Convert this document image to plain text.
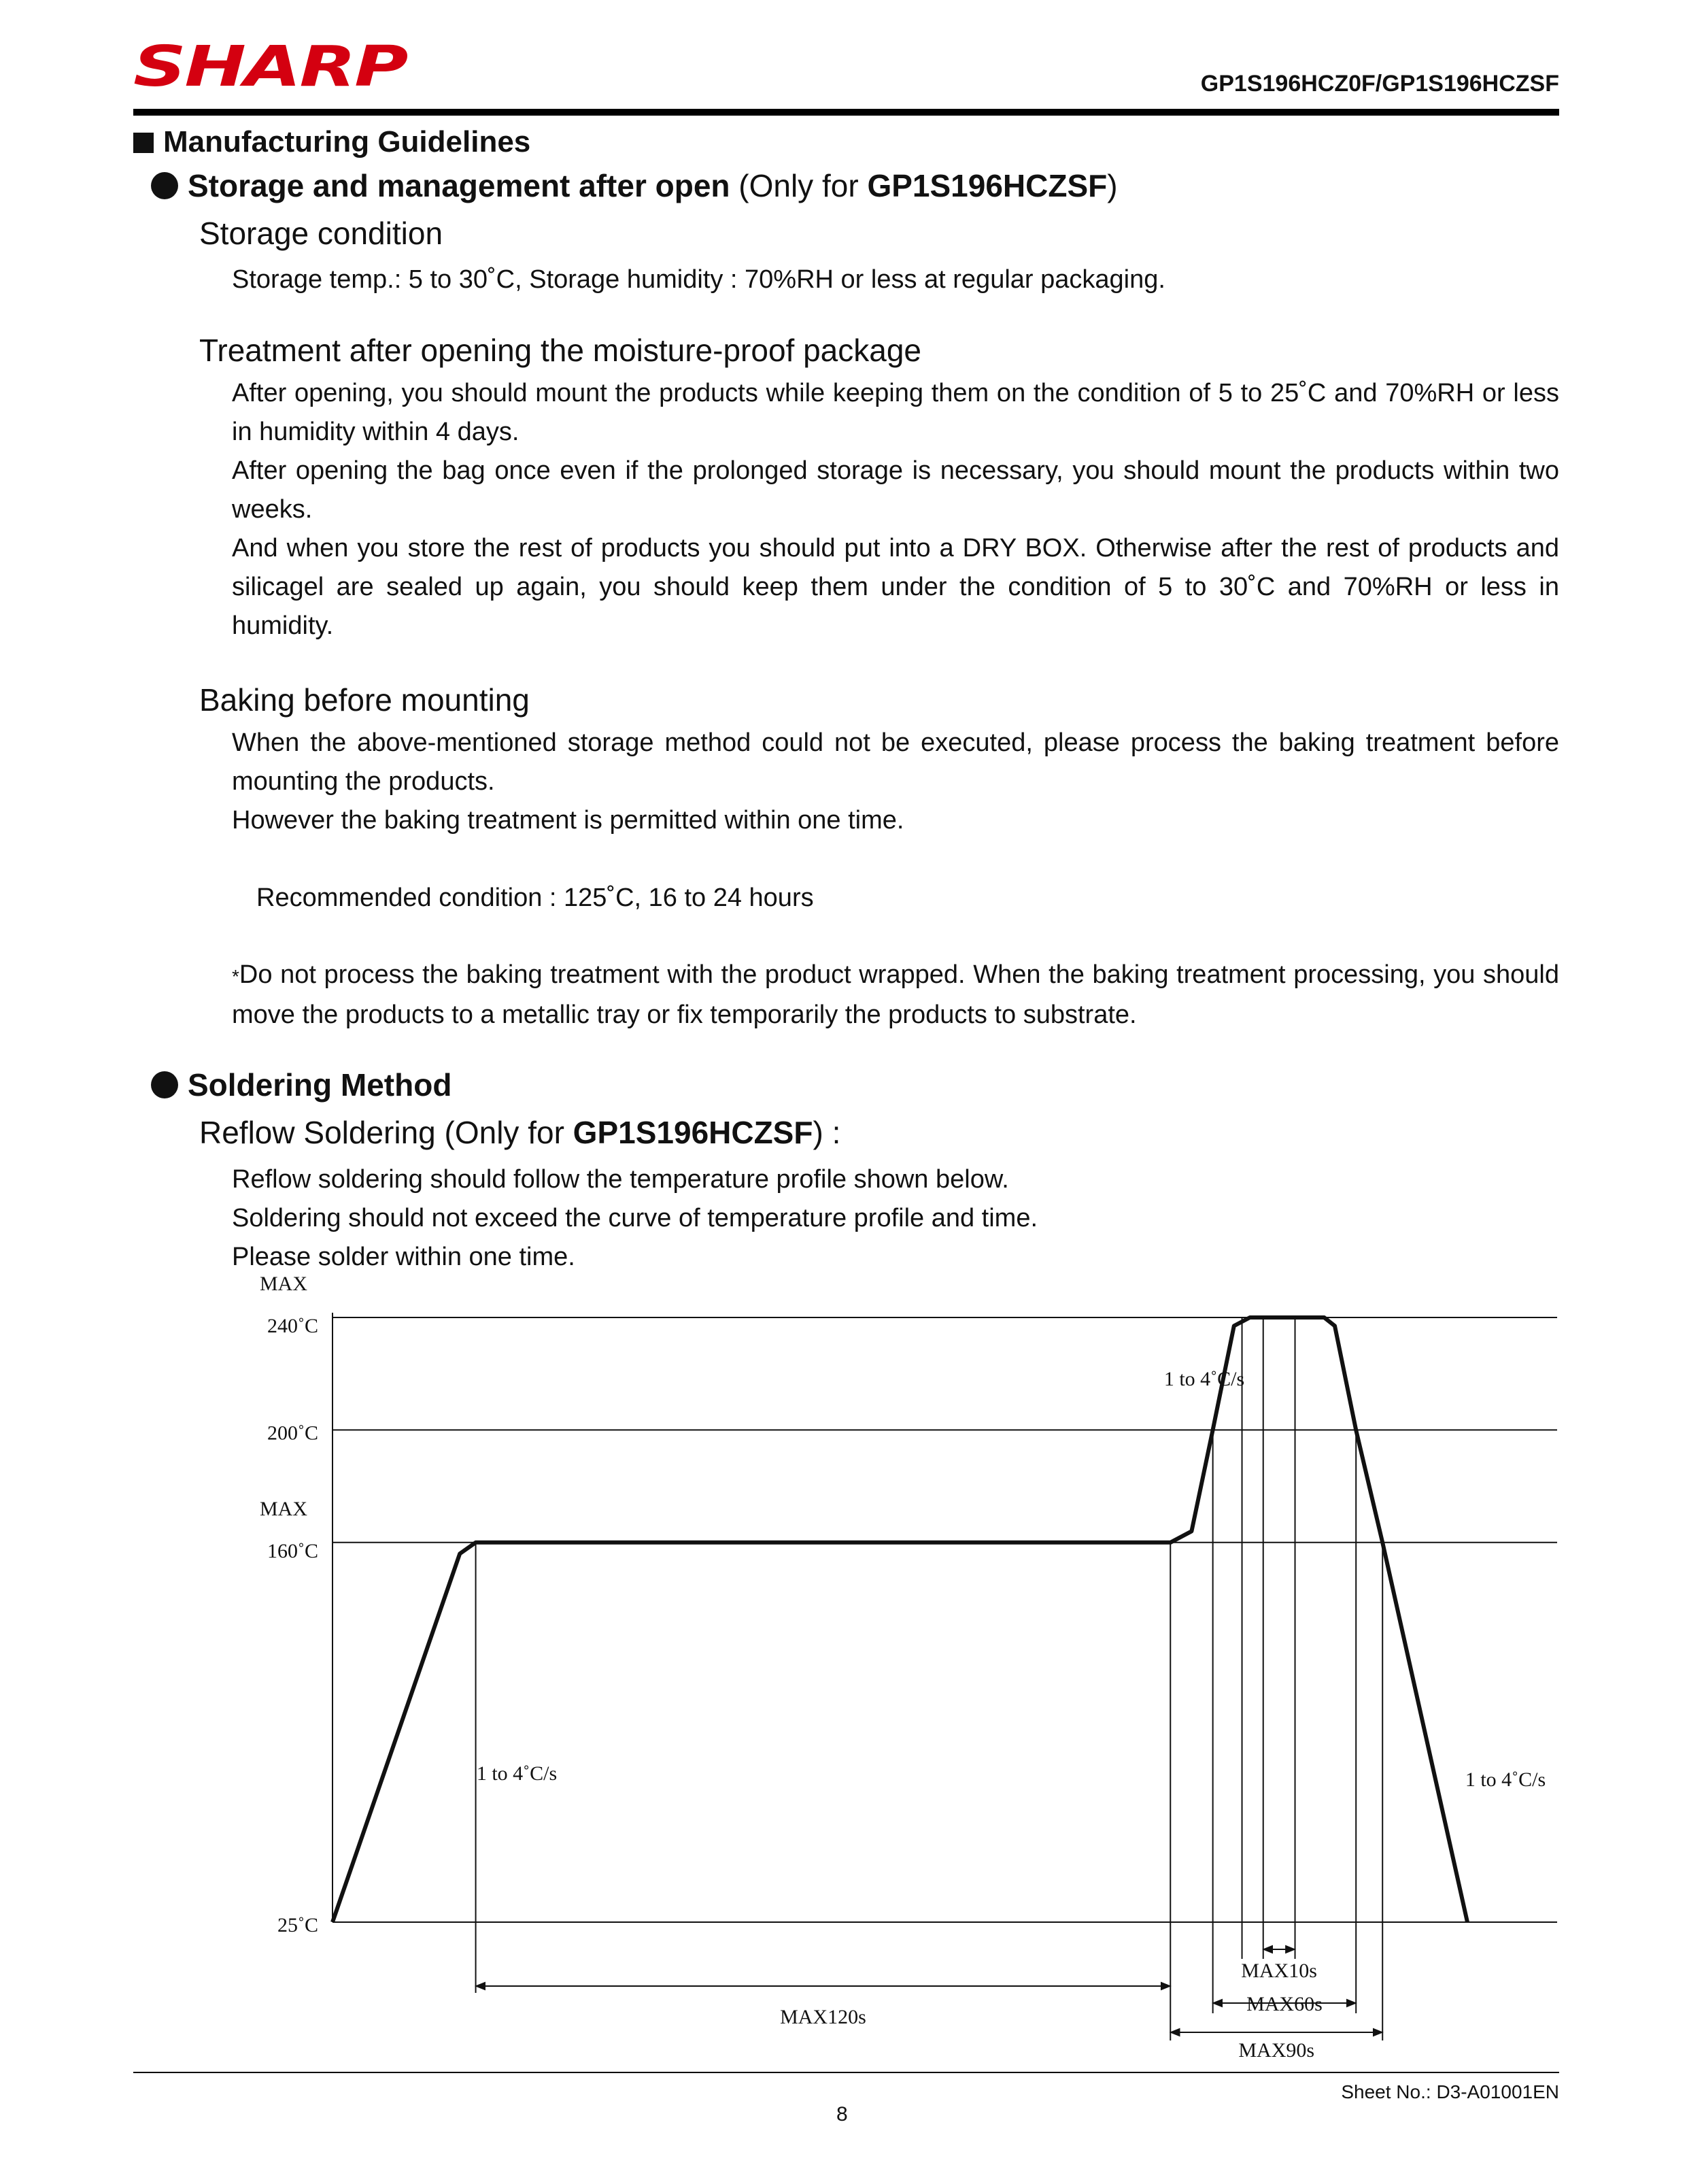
SHARP	GP1S196HCZ0F/GP1S196HCZSF
Manufacturing Guidelines
Storage and management after open (Only for GP1S196HCZSF)
Storage condition
Storage temp.: 5 to 30˚C, Storage humidity : 70%RH or less at regular packaging.
Treatment after opening the moisture-proof package
After opening, you should mount the products while keeping them on the condition of 5 to 25˚C and 70%RH or less in humidity within 4 days.
After opening the bag once even if the prolonged storage is necessary, you should mount the products within two weeks.
And when you store the rest of products you should put into a DRY BOX. Otherwise after the rest of products and silicagel are sealed up again, you should keep them under the condition of 5 to 30˚C and 70%RH or less in humidity.
Baking before mounting
When the above-mentioned storage method could not be executed, please process the baking treatment before mounting the products.
However the baking treatment is permitted within one time.
Recommended condition : 125˚C, 16 to 24 hours
*Do not process the baking treatment with the product wrapped. When the baking treatment processing, you should move the products to a metallic tray or fix temporarily the products to substrate.
Soldering Method
Reflow Soldering (Only for GP1S196HCZSF) :
Reflow soldering should follow the temperature profile shown below.
Soldering should not exceed the curve of temperature profile and time.
Please solder within one time.
MAX
240˚C
200˚C
MAX
160˚C
25˚C
MAX120s
MAX10s
MAX60s
MAX90s
1 to 4˚C/s
1 to 4˚C/s
1 to 4˚C/s
Sheet No.: D3-A01001EN
8
